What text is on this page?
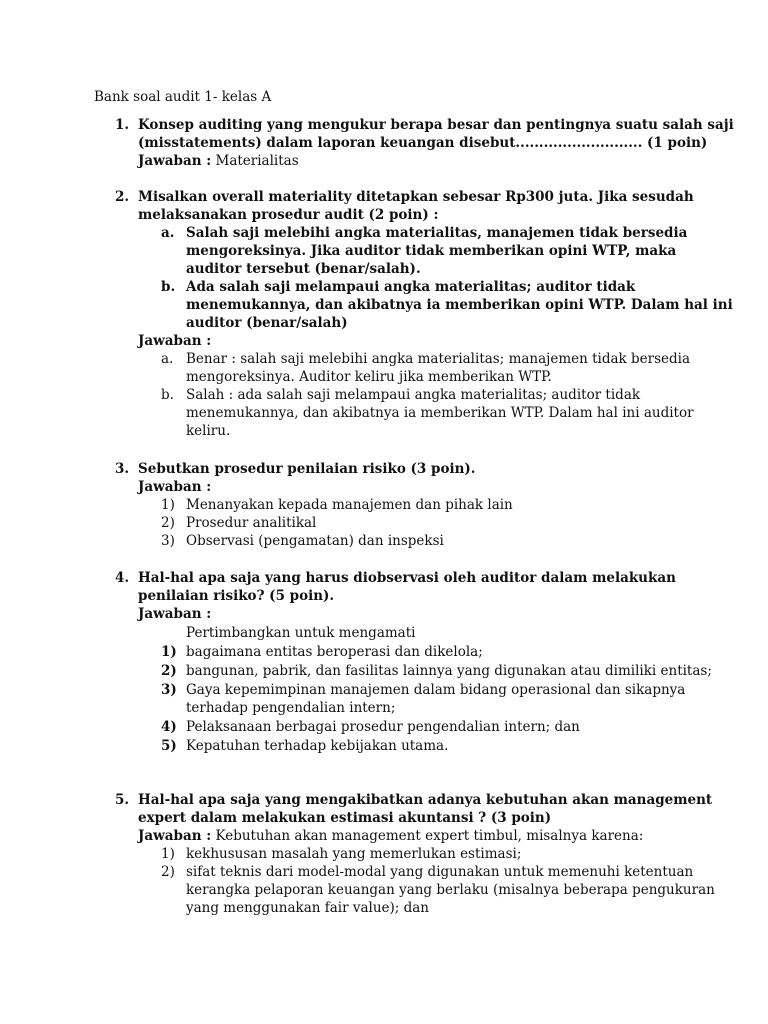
Bank soal audit 1- kelas A
1. Konsep auditing yang mengukur berapa besar dan pentingnya suatu salah saji
(misstatements) dalam laporan keuangan disebut........................... (1 poin)
Jawaban : Materialitas
2. Misalkan overall materiality ditetapkan sebesar Rp300 juta. Jika sesudah
melaksanakan prosedur audit (2 poin) :
a. Salah saji melebihi angka materialitas, manajemen tidak bersedia
mengoreksinya. Jika auditor tidak memberikan opini WTP, maka
auditor tersebut (benar/salah).
b. Ada salah saji melampaui angka materialitas; auditor tidak
menemukannya, dan akibatnya ia memberikan opini WTP. Dalam hal ini
auditor (benar/salah)
Jawaban :
a. Benar : salah saji melebihi angka materialitas; manajemen tidak bersedia
mengoreksinya. Auditor keliru jika memberikan WTP.
b. Salah : ada salah saji melampaui angka materialitas; auditor tidak
menemukannya, dan akibatnya ia memberikan WTP. Dalam hal ini auditor
keliru.
3. Sebutkan prosedur penilaian risiko (3 poin).
Jawaban :
1) Menanyakan kepada manajemen dan pihak lain
2) Prosedur analitikal
3) Observasi (pengamatan) dan inspeksi
4. Hal-hal apa saja yang harus diobservasi oleh auditor dalam melakukan
penilaian risiko? (5 poin).
Jawaban :
Pertimbangkan untuk mengamati
1) bagaimana entitas beroperasi dan dikelola;
2) bangunan, pabrik, dan fasilitas lainnya yang digunakan atau dimiliki entitas;
3) Gaya kepemimpinan manajemen dalam bidang operasional dan sikapnya
terhadap pengendalian intern;
4) Pelaksanaan berbagai prosedur pengendalian intern; dan
5) Kepatuhan terhadap kebijakan utama.
5. Hal-hal apa saja yang mengakibatkan adanya kebutuhan akan management
expert dalam melakukan estimasi akuntansi ? (3 poin)
Jawaban : Kebutuhan akan management expert timbul, misalnya karena:
1) kekhususan masalah yang memerlukan estimasi;
2) sifat teknis dari model-modal yang digunakan untuk memenuhi ketentuan
kerangka pelaporan keuangan yang berlaku (misalnya beberapa pengukuran
yang menggunakan fair value); dan
